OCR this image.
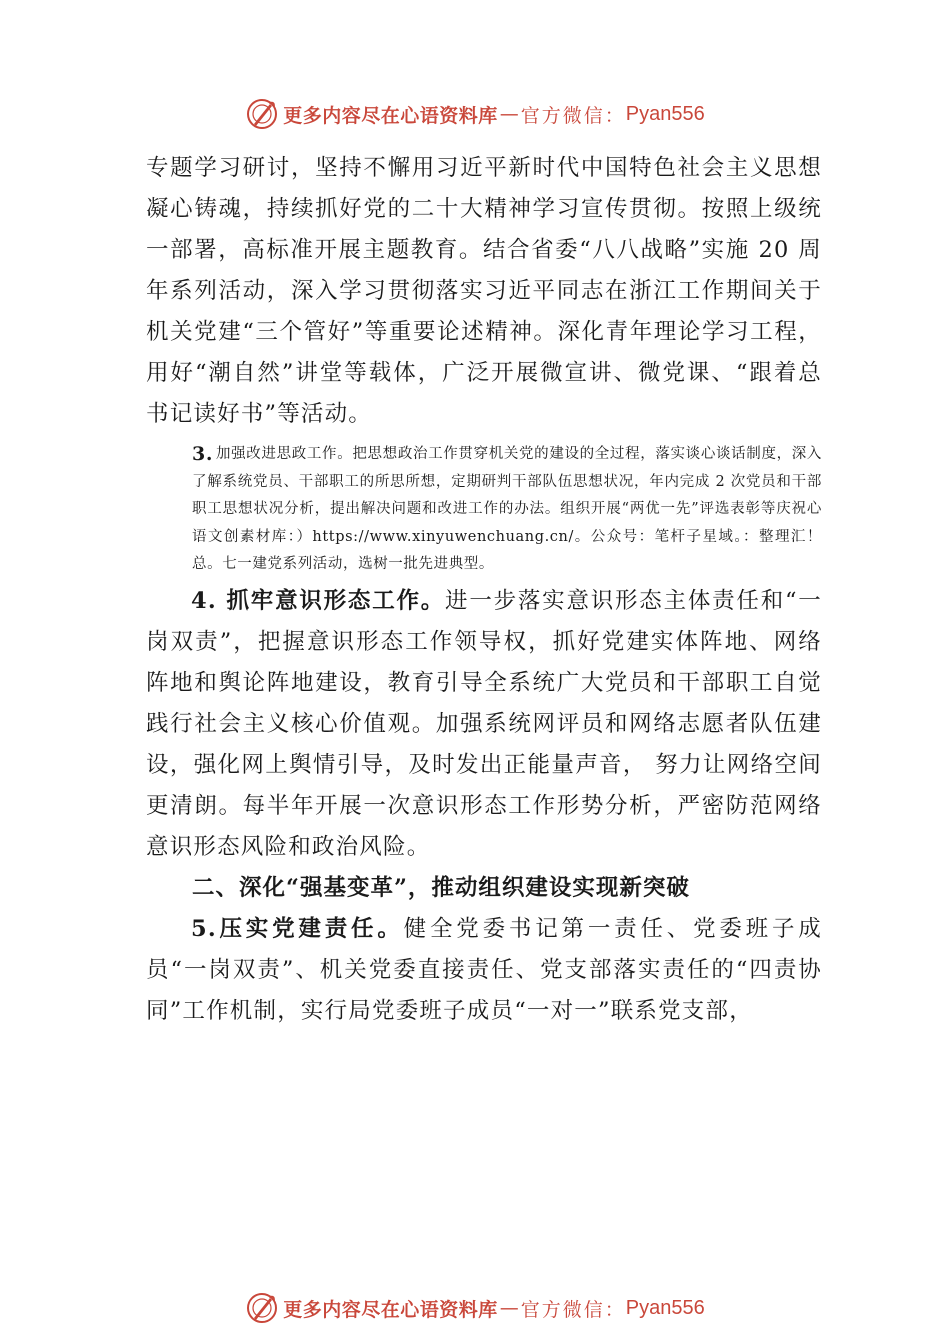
更多内容尽在心语资料库 — 官方微信： Pyan556

专题学习研讨，坚持不懈用习近平新时代中国特色社会主义思想凝心铸魂，持续抓好党的二十大精神学习宣传贯彻。按照上级统一部署，高标准开展主题教育。结合省委“八八战略”实施 20 周年系列活动，深入学习贯彻落实习近平同志在浙江工作期间关于机关党建“三个管好”等重要论述精神。深化青年理论学习工程，用好“潮自然”讲堂等载体，广泛开展微宣讲、微党课、“跟着总书记读好书”等活动。

3. 加强改进思政工作。把思想政治工作贯穿机关党的建设的全过程，落实谈心谈话制度，深入了解系统党员、干部职工的所思所想，定期研判干部队伍思想状况，年内完成 2 次党员和干部职工思想状况分析，提出解决问题和改进工作的办法。组织开展“两优一先”评选表彰等庆祝心语文创素材库：）https://www.xinyuwenchuang.cn/。公众号：笔杆子星域。：整理汇！总。七一建党系列活动，选树一批先进典型。

4. 抓牢意识形态工作。进一步落实意识形态主体责任和“一岗双责”，把握意识形态工作领导权，抓好党建实体阵地、网络阵地和舆论阵地建设，教育引导全系统广大党员和干部职工自觉践行社会主义核心价值观。加强系统网评员和网络志愿者队伍建设，强化网上舆情引导，及时发出正能量声音， 努力让网络空间更清朗。每半年开展一次意识形态工作形势分析，严密防范网络意识形态风险和政治风险。

二、深化“强基变革”，推动组织建设实现新突破

5.压实党建责任。健全党委书记第一责任、党委班子成员“一岗双责”、机关党委直接责任、党支部落实责任的“四责协同”工作机制，实行局党委班子成员“一对一”联系党支部，

更多内容尽在心语资料库 — 官方微信： Pyan556
